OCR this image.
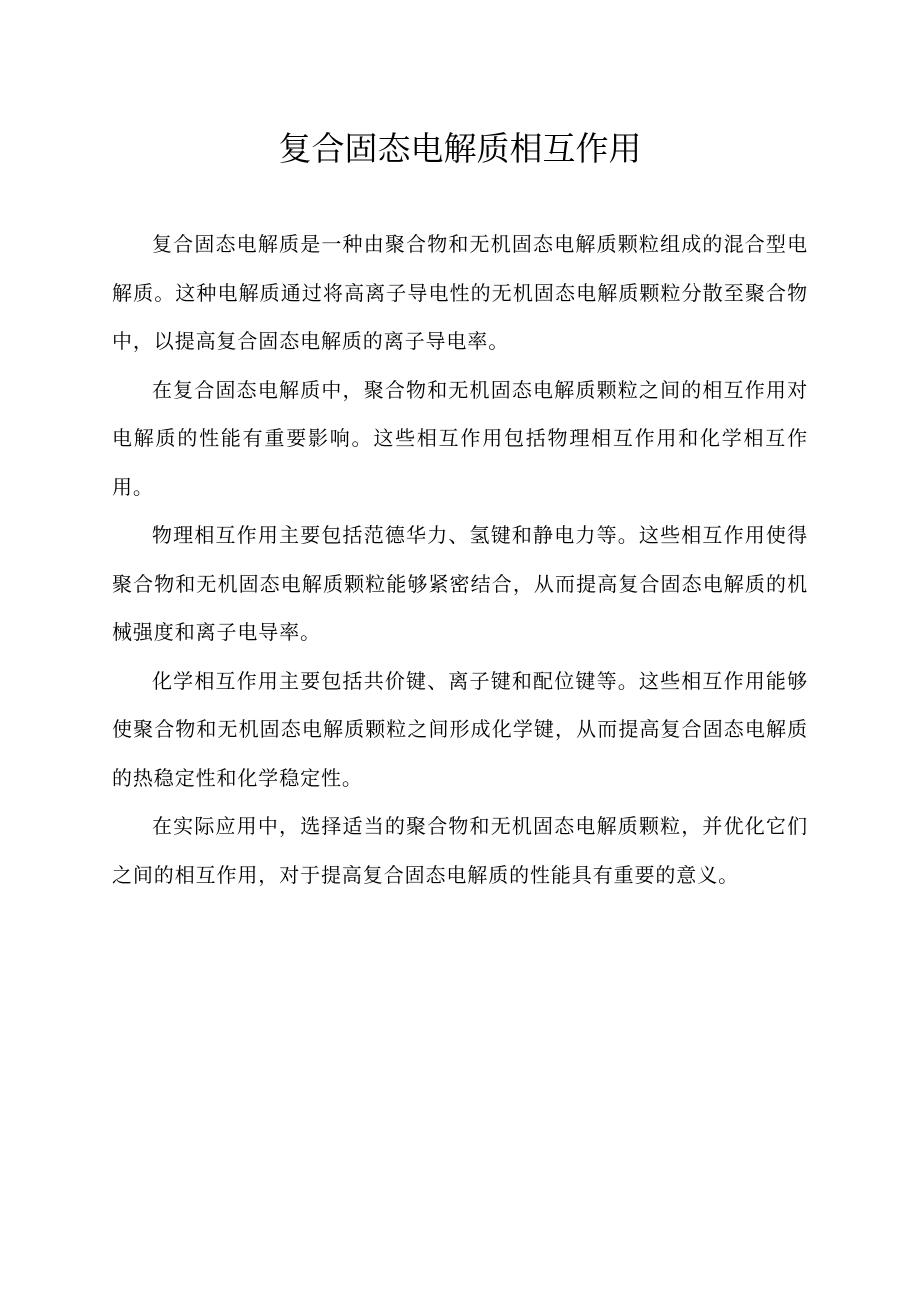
复合固态电解质相互作用

复合固态电解质是一种由聚合物和无机固态电解质颗粒组成的混合型电解质。这种电解质通过将高离子导电性的无机固态电解质颗粒分散至聚合物中，以提高复合固态电解质的离子导电率。

在复合固态电解质中，聚合物和无机固态电解质颗粒之间的相互作用对电解质的性能有重要影响。这些相互作用包括物理相互作用和化学相互作用。

物理相互作用主要包括范德华力、氢键和静电力等。这些相互作用使得聚合物和无机固态电解质颗粒能够紧密结合，从而提高复合固态电解质的机械强度和离子电导率。

化学相互作用主要包括共价键、离子键和配位键等。这些相互作用能够使聚合物和无机固态电解质颗粒之间形成化学键，从而提高复合固态电解质的热稳定性和化学稳定性。

在实际应用中，选择适当的聚合物和无机固态电解质颗粒，并优化它们之间的相互作用，对于提高复合固态电解质的性能具有重要的意义。
